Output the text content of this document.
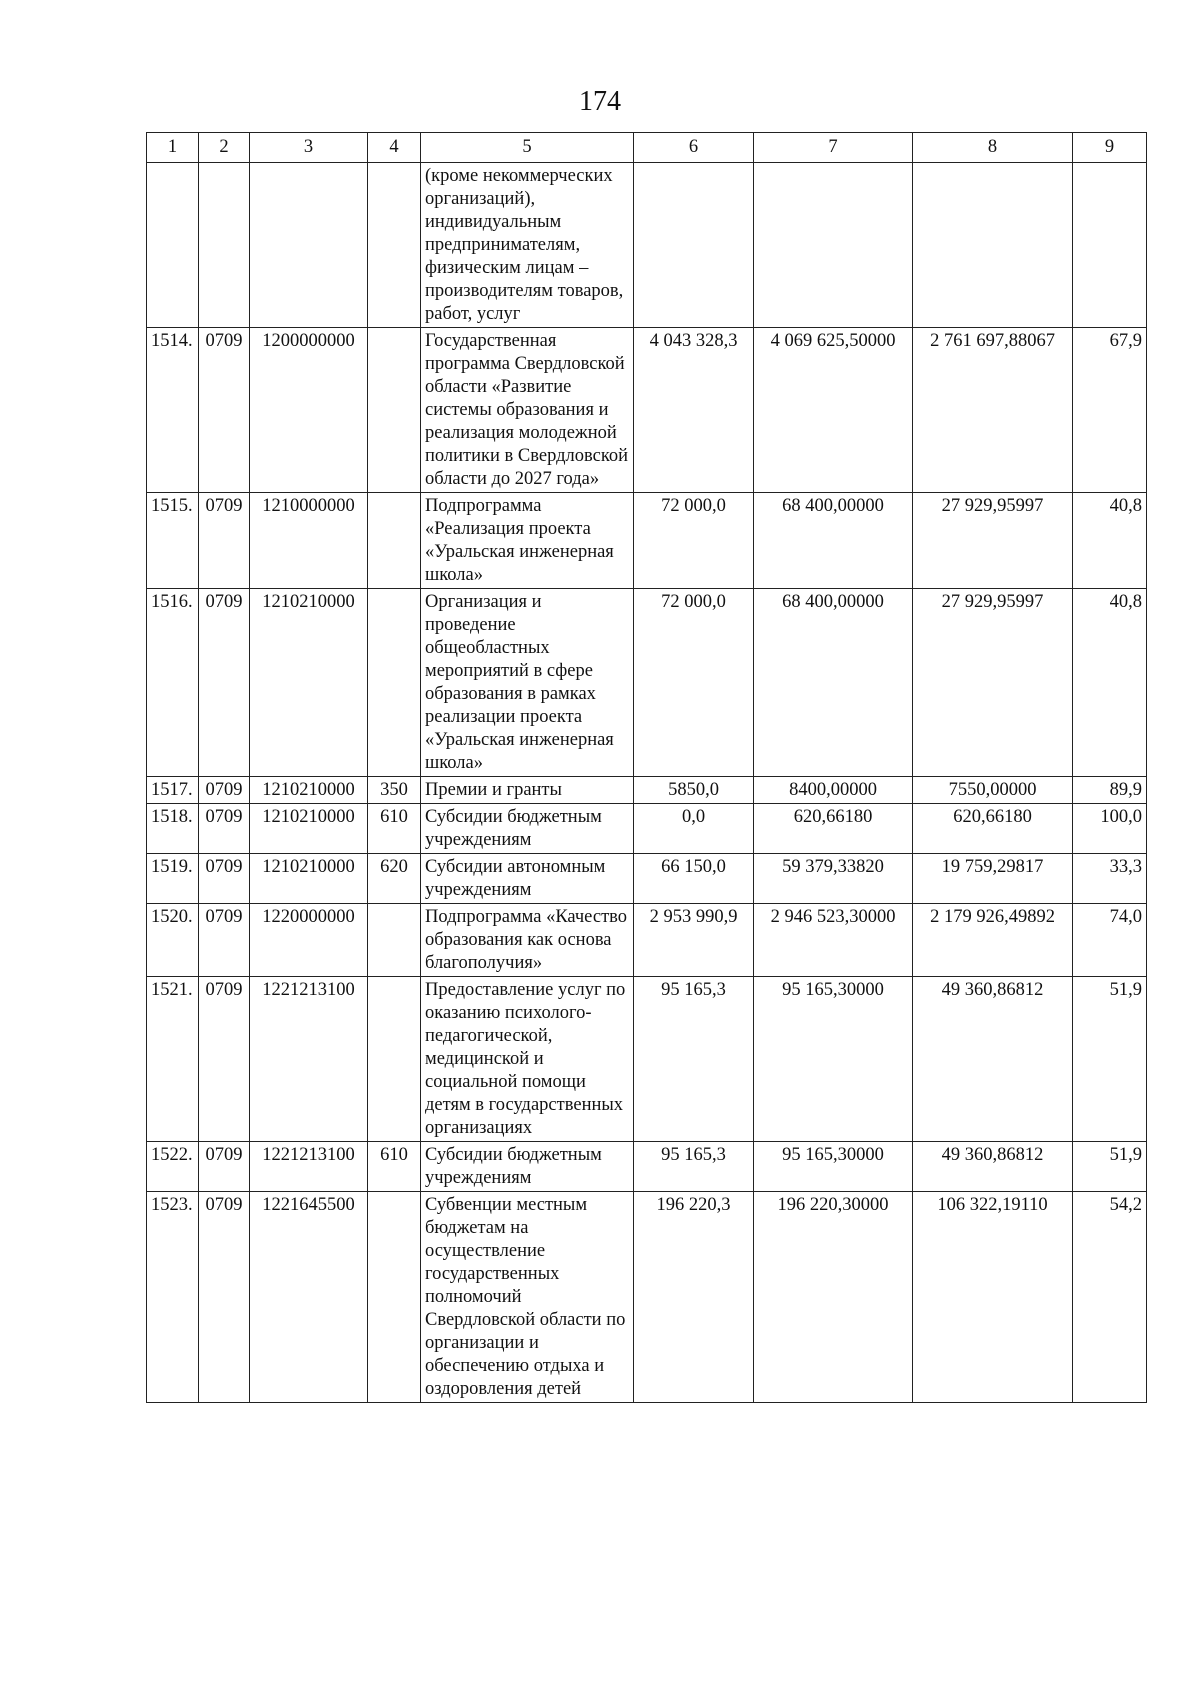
174
1	2	3	4	5	6	7	8	9
				(кроме некоммерческих организаций), индивидуальным предпринимателям, физическим лицам – производителям товаров, работ, услуг				
1514.	0709	1200000000		Государственная программа Свердловской области «Развитие системы образования и реализация молодежной политики в Свердловской области до 2027 года»	4 043 328,3	4 069 625,50000	2 761 697,88067	67,9
1515.	0709	1210000000		Подпрограмма «Реализация проекта «Уральская инженерная школа»	72 000,0	68 400,00000	27 929,95997	40,8
1516.	0709	1210210000		Организация и проведение общеобластных мероприятий в сфере образования в рамках реализации проекта «Уральская инженерная школа»	72 000,0	68 400,00000	27 929,95997	40,8
1517.	0709	1210210000	350	Премии и гранты	5850,0	8400,00000	7550,00000	89,9
1518.	0709	1210210000	610	Субсидии бюджетным учреждениям	0,0	620,66180	620,66180	100,0
1519.	0709	1210210000	620	Субсидии автономным учреждениям	66 150,0	59 379,33820	19 759,29817	33,3
1520.	0709	1220000000		Подпрограмма «Качество образования как основа благополучия»	2 953 990,9	2 946 523,30000	2 179 926,49892	74,0
1521.	0709	1221213100		Предоставление услуг по оказанию психолого-педагогической, медицинской и социальной помощи детям в государственных организациях	95 165,3	95 165,30000	49 360,86812	51,9
1522.	0709	1221213100	610	Субсидии бюджетным учреждениям	95 165,3	95 165,30000	49 360,86812	51,9
1523.	0709	1221645500		Субвенции местным бюджетам на осуществление государственных полномочий Свердловской области по организации и обеспечению отдыха и оздоровления детей	196 220,3	196 220,30000	106 322,19110	54,2
